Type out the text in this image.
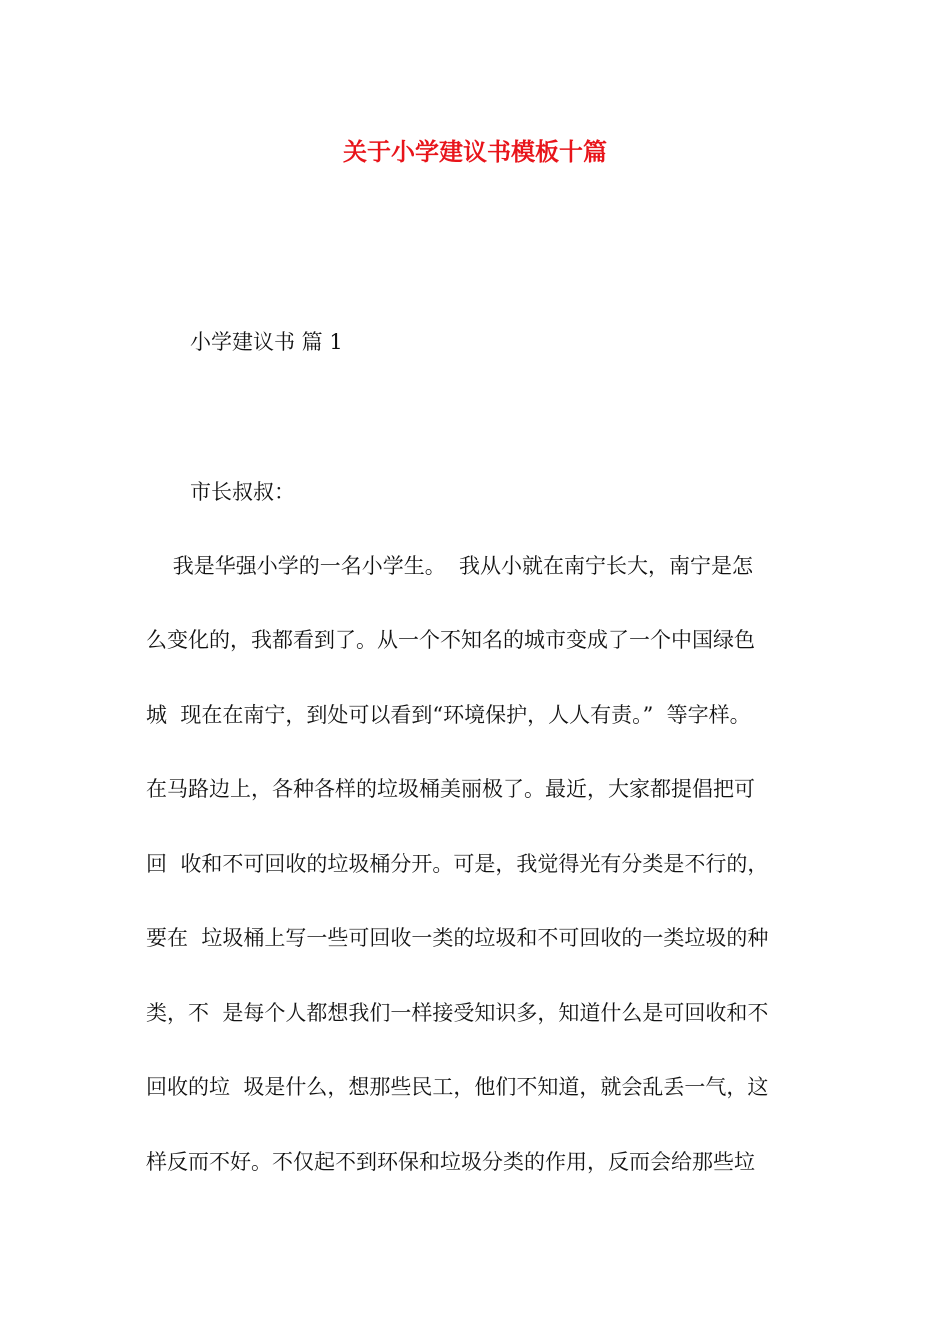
关于小学建议书模板十篇

小学建议书 篇 1

市长叔叔：

我是华强小学的一名小学生。  我从小就在南宁长大，南宁是怎

么变化的，我都看到了。从一个不知名的城市变成了一个中国绿色

城  现在在南宁，到处可以看到“环境保护，人人有责。”  等字样。

在马路边上，各种各样的垃圾桶美丽极了。最近，大家都提倡把可

回  收和不可回收的垃圾桶分开。可是，我觉得光有分类是不行的，

要在  垃圾桶上写一些可回收一类的垃圾和不可回收的一类垃圾的种

类，不  是每个人都想我们一样接受知识多，知道什么是可回收和不

回收的垃  圾是什么，想那些民工，他们不知道，就会乱丢一气，这

样反而不好。不仅起不到环保和垃圾分类的作用，反而会给那些垃
